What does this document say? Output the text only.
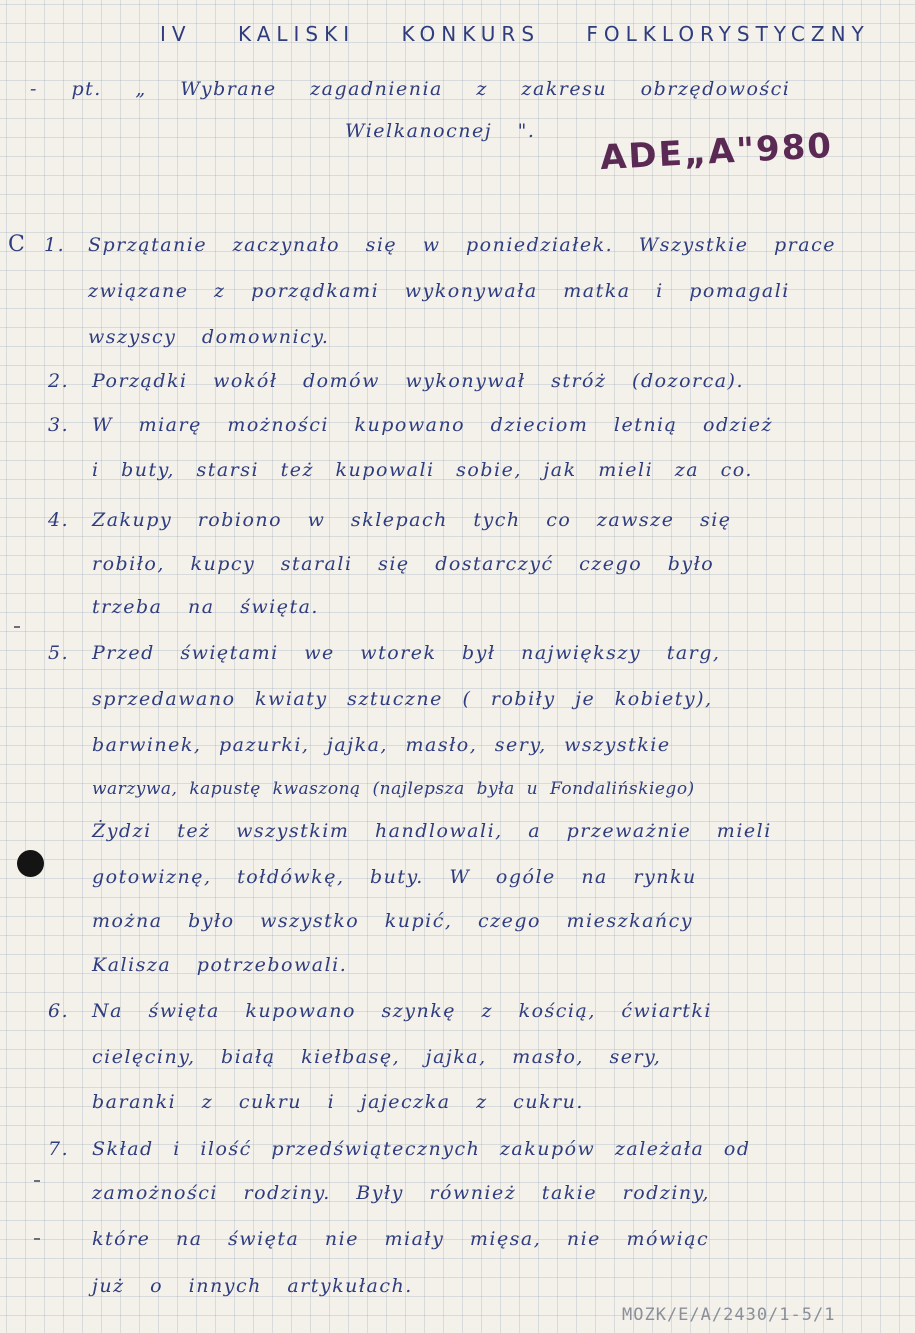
IV KALISKI KONKURS FOLKLORYSTYCZNY
- pt. „ Wybrane zagadnienia z zakresu obrzędowości
Wielkanocnej ". ADE„A"980
C 1. Sprzątanie zaczynało się w poniedziałek. Wszystkie prace
związane z porządkami wykonywała matka i pomagali
wszyscy domownicy.
2. Porządki wokół domów wykonywał stróż (dozorca).
3. W miarę możności kupowano dzieciom letnią odzież
i buty, starsi też kupowali sobie, jak mieli za co.
4. Zakupy robiono w sklepach tych co zawsze się
robiło, kupcy starali się dostarczyć czego było
trzeba na święta.
5. Przed świętami we wtorek był największy targ,
sprzedawano kwiaty sztuczne ( robiły je kobiety),
barwinek, pazurki, jajka, masło, sery, wszystkie
warzywa, kapustę kwaszoną (najlepsza była u Fondalińskiego)
Żydzi też wszystkim handlowali, a przeważnie mieli
gotowiznę, tołdówkę, buty. W ogóle na rynku
można było wszystko kupić, czego mieszkańcy
Kalisza potrzebowali.
6. Na święta kupowano szynkę z kością, ćwiartki
cielęciny, białą kiełbasę, jajka, masło, sery,
baranki z cukru i jajeczka z cukru.
7. Skład i ilość przedświątecznych zakupów zależała od
zamożności rodziny. Były również takie rodziny,
które na święta nie miały mięsa, nie mówiąc
już o innych artykułach.
MOZK/E/A/2430/1-5/1
